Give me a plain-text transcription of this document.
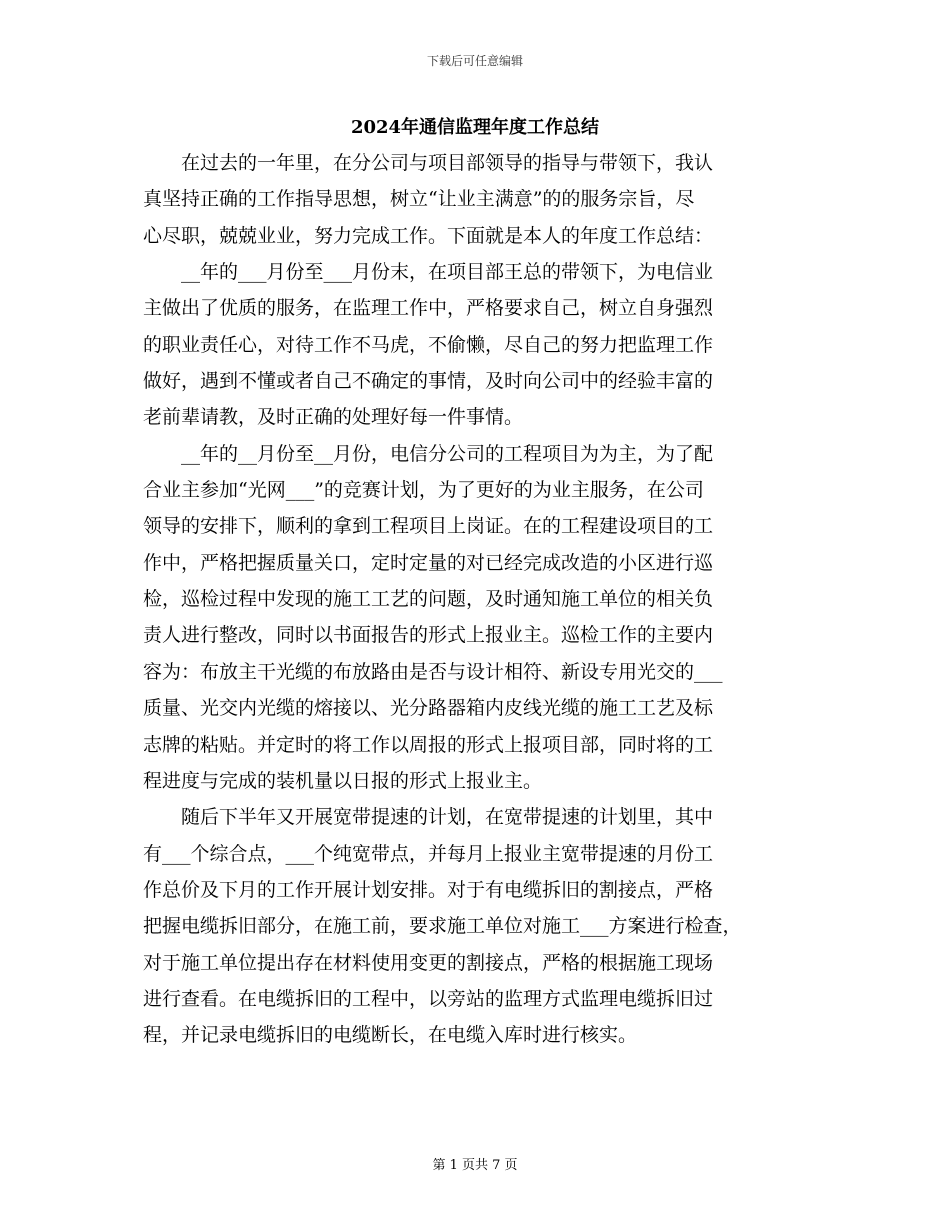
下载后可任意编辑
2024年通信监理年度工作总结
　　在过去的一年里，在分公司与项目部领导的指导与带领下，我认
真坚持正确的工作指导思想，树立“让业主满意”的的服务宗旨，尽
心尽职，兢兢业业，努力完成工作。下面就是本人的年度工作总结：
　　__年的___月份至___月份末，在项目部王总的带领下，为电信业
主做出了优质的服务，在监理工作中，严格要求自己，树立自身强烈
的职业责任心，对待工作不马虎，不偷懒，尽自己的努力把监理工作
做好，遇到不懂或者自己不确定的事情，及时向公司中的经验丰富的
老前辈请教，及时正确的处理好每一件事情。
　　__年的__月份至__月份，电信分公司的工程项目为为主，为了配
合业主参加“光网___”的竞赛计划，为了更好的为业主服务，在公司
领导的安排下，顺利的拿到工程项目上岗证。在的工程建设项目的工
作中，严格把握质量关口，定时定量的对已经完成改造的小区进行巡
检，巡检过程中发现的施工工艺的问题，及时通知施工单位的相关负
责人进行整改，同时以书面报告的形式上报业主。巡检工作的主要内
容为：布放主干光缆的布放路由是否与设计相符、新设专用光交的___
质量、光交内光缆的熔接以、光分路器箱内皮线光缆的施工工艺及标
志牌的粘贴。并定时的将工作以周报的形式上报项目部，同时将的工
程进度与完成的装机量以日报的形式上报业主。
　　随后下半年又开展宽带提速的计划，在宽带提速的计划里，其中
有___个综合点，___个纯宽带点，并每月上报业主宽带提速的月份工
作总价及下月的工作开展计划安排。对于有电缆拆旧的割接点，严格
把握电缆拆旧部分，在施工前，要求施工单位对施工___方案进行检查，
对于施工单位提出存在材料使用变更的割接点，严格的根据施工现场
进行查看。在电缆拆旧的工程中，以旁站的监理方式监理电缆拆旧过
程，并记录电缆拆旧的电缆断长，在电缆入库时进行核实。
第 1 页共 7 页
